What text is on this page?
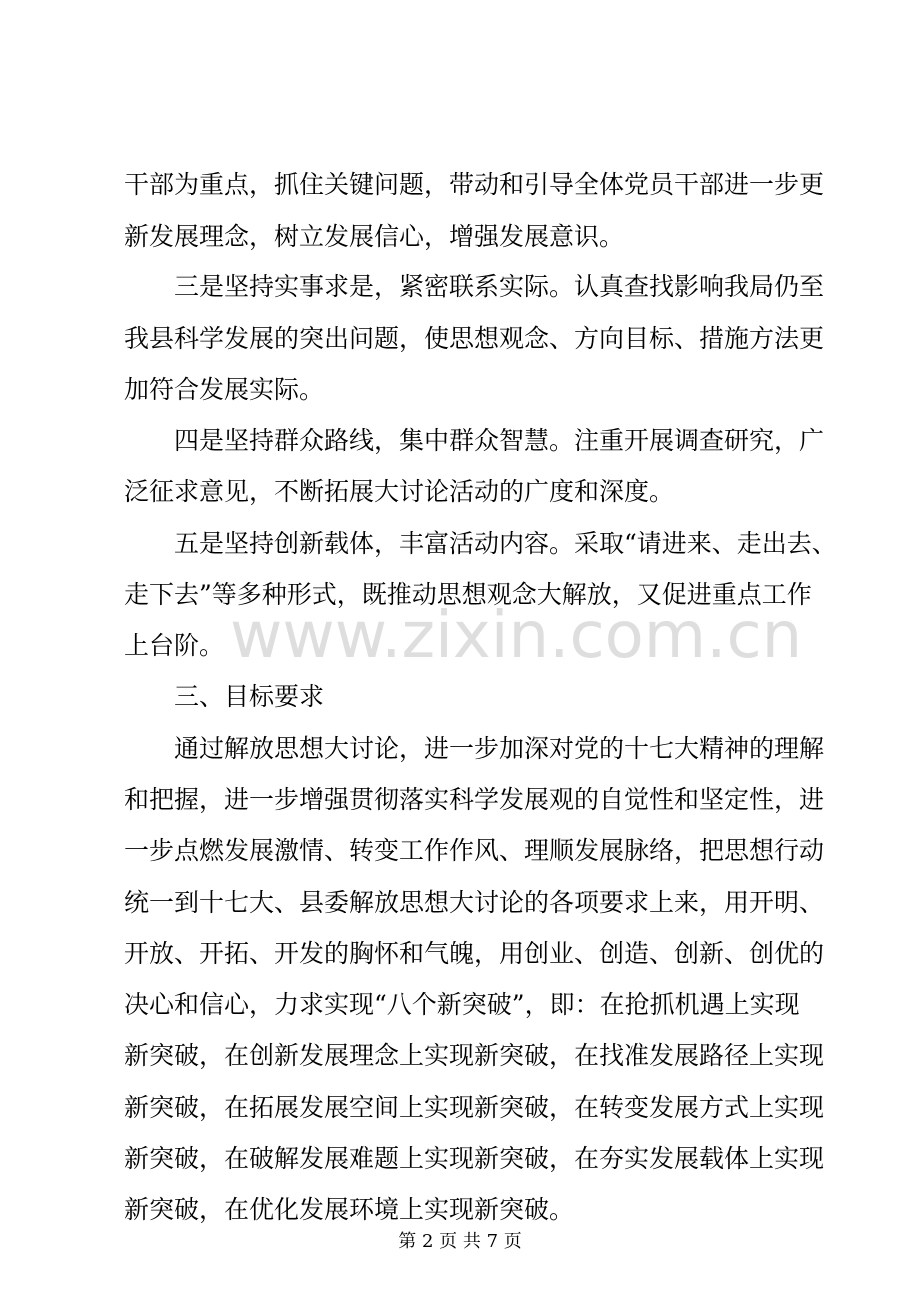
www.zixin.com.cn
干部为重点，抓住关键问题，带动和引导全体党员干部进一步更
新发展理念，树立发展信心，增强发展意识。
三是坚持实事求是，紧密联系实际。认真查找影响我局仍至
我县科学发展的突出问题，使思想观念、方向目标、措施方法更
加符合发展实际。
四是坚持群众路线，集中群众智慧。注重开展调查研究，广
泛征求意见，不断拓展大讨论活动的广度和深度。
五是坚持创新载体，丰富活动内容。采取“请进来、走出去、
走下去”等多种形式，既推动思想观念大解放，又促进重点工作
上台阶。
三、目标要求
通过解放思想大讨论，进一步加深对党的十七大精神的理解
和把握，进一步增强贯彻落实科学发展观的自觉性和坚定性，进
一步点燃发展激情、转变工作作风、理顺发展脉络，把思想行动
统一到十七大、县委解放思想大讨论的各项要求上来，用开明、
开放、开拓、开发的胸怀和气魄，用创业、创造、创新、创优的
决心和信心，力求实现“八个新突破”，即：在抢抓机遇上实现
新突破，在创新发展理念上实现新突破，在找准发展路径上实现
新突破，在拓展发展空间上实现新突破，在转变发展方式上实现
新突破，在破解发展难题上实现新突破，在夯实发展载体上实现
新突破，在优化发展环境上实现新突破。
第 2 页 共 7 页
